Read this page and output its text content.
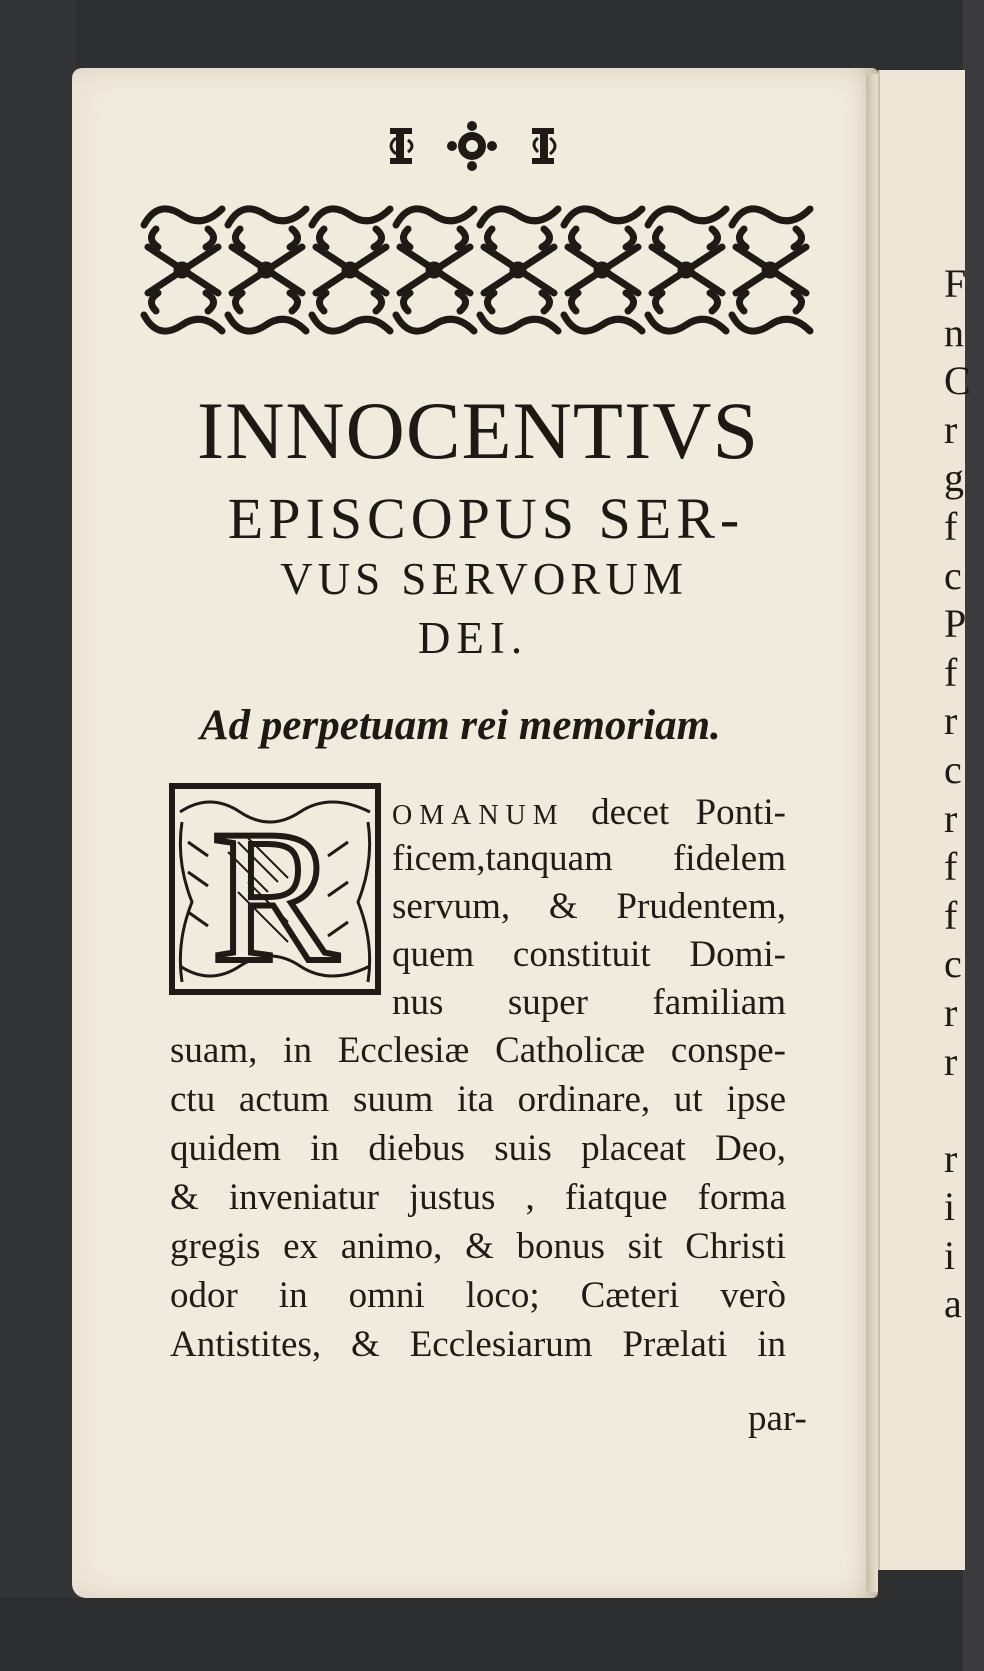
F
n
C
r
g
f
c
P
f
r
c
r
f
f
c
r
r

r
i
i
a
INNOCENTIVS
EPISCOPUS SER-
VUS SERVORUM
DEI.
Ad perpetuam rei memoriam.
R OMANUM decet Ponti-
ficem,tanquam fidelem
servum, & Prudentem,
quem constituit Domi-
nus super familiam
suam, in Ecclesiæ Catholicæ conspe-
ctu actum suum ita ordinare, ut ipse
quidem in diebus suis placeat Deo,
& inveniatur justus , fiatque forma
gregis ex animo, & bonus sit Christi
odor in omni loco; Cæteri verò
Antistites, & Ecclesiarum Prælati in
par-
